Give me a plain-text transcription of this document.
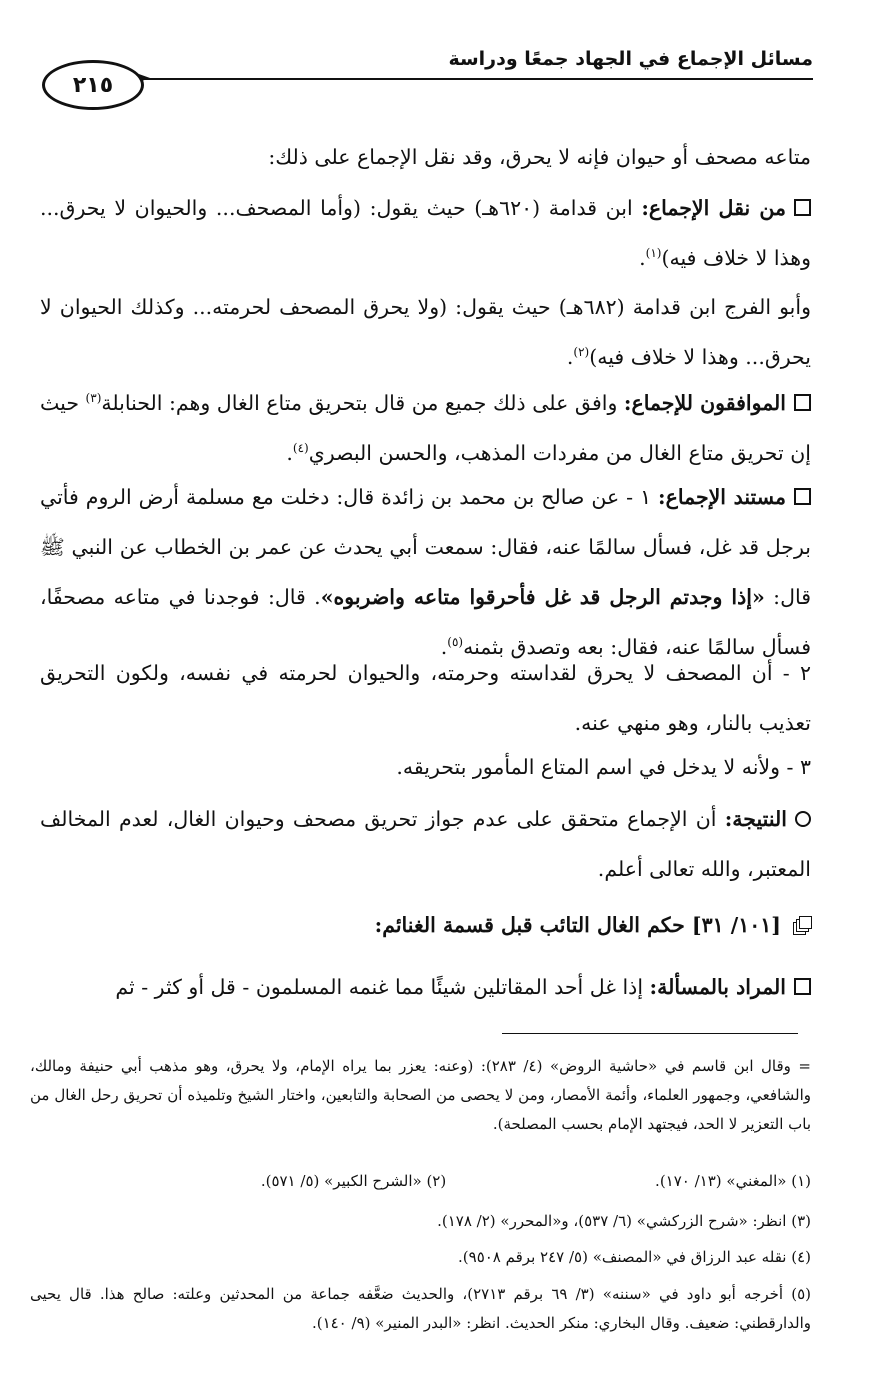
مسائل الإجماع في الجهاد جمعًا ودراسة
٢١٥
متاعه مصحف أو حيوان فإنه لا يحرق، وقد نقل الإجماع على ذلك:
من نقل الإجماع: ابن قدامة (٦٢٠هـ) حيث يقول: (وأما المصحف... والحيوان لا يحرق... وهذا لا خلاف فيه)$^{(١)}$.
وأبو الفرج ابن قدامة (٦٨٢هـ) حيث يقول: (ولا يحرق المصحف لحرمته... وكذلك الحيوان لا يحرق... وهذا لا خلاف فيه)$^{(٢)}$.
الموافقون للإجماع: وافق على ذلك جميع من قال بتحريق متاع الغال وهم: الحنابلة$^{(٣)}$ حيث إن تحريق متاع الغال من مفردات المذهب، والحسن البصري$^{(٤)}$.
مستند الإجماع: ١ - عن صالح بن محمد بن زائدة قال: دخلت مع مسلمة أرض الروم فأتي برجل قد غل، فسأل سالمًا عنه، فقال: سمعت أبي يحدث عن عمر بن الخطاب عن النبي ﷺ قال: «إذا وجدتم الرجل قد غل فأحرقوا متاعه واضربوه». قال: فوجدنا في متاعه مصحفًا، فسأل سالمًا عنه، فقال: بعه وتصدق بثمنه$^{(٥)}$.
٢ - أن المصحف لا يحرق لقداسته وحرمته، والحيوان لحرمته في نفسه، ولكون التحريق تعذيب بالنار، وهو منهي عنه.
٣ - ولأنه لا يدخل في اسم المتاع المأمور بتحريقه.
النتيجة: أن الإجماع متحقق على عدم جواز تحريق مصحف وحيوان الغال، لعدم المخالف المعتبر، والله تعالى أعلم.
[١٠١/ ٣١] حكم الغال التائب قبل قسمة الغنائم:
المراد بالمسألة: إذا غل أحد المقاتلين شيئًا مما غنمه المسلمون - قل أو كثر - ثم
= وقال ابن قاسم في «حاشية الروض» (٤/ ٢٨٣): (وعنه: يعزر بما يراه الإمام، ولا يحرق، وهو مذهب أبي حنيفة ومالك، والشافعي، وجمهور العلماء، وأئمة الأمصار، ومن لا يحصى من الصحابة والتابعين، واختار الشيخ وتلميذه أن تحريق رحل الغال من باب التعزير لا الحد، فيجتهد الإمام بحسب المصلحة).
(١) «المغني» (١٣/ ١٧٠). (٢) «الشرح الكبير» (٥/ ٥٧١).
(٣) انظر: «شرح الزركشي» (٦/ ٥٣٧)، و«المحرر» (٢/ ١٧٨).
(٤) نقله عبد الرزاق في «المصنف» (٥/ ٢٤٧ برقم ٩٥٠٨).
(٥) أخرجه أبو داود في «سننه» (٣/ ٦٩ برقم ٢٧١٣)، والحديث ضعَّفه جماعة من المحدثين وعلته: صالح هذا. قال يحيى والدارقطني: ضعيف. وقال البخاري: منكر الحديث. انظر: «البدر المنير» (٩/ ١٤٠).
